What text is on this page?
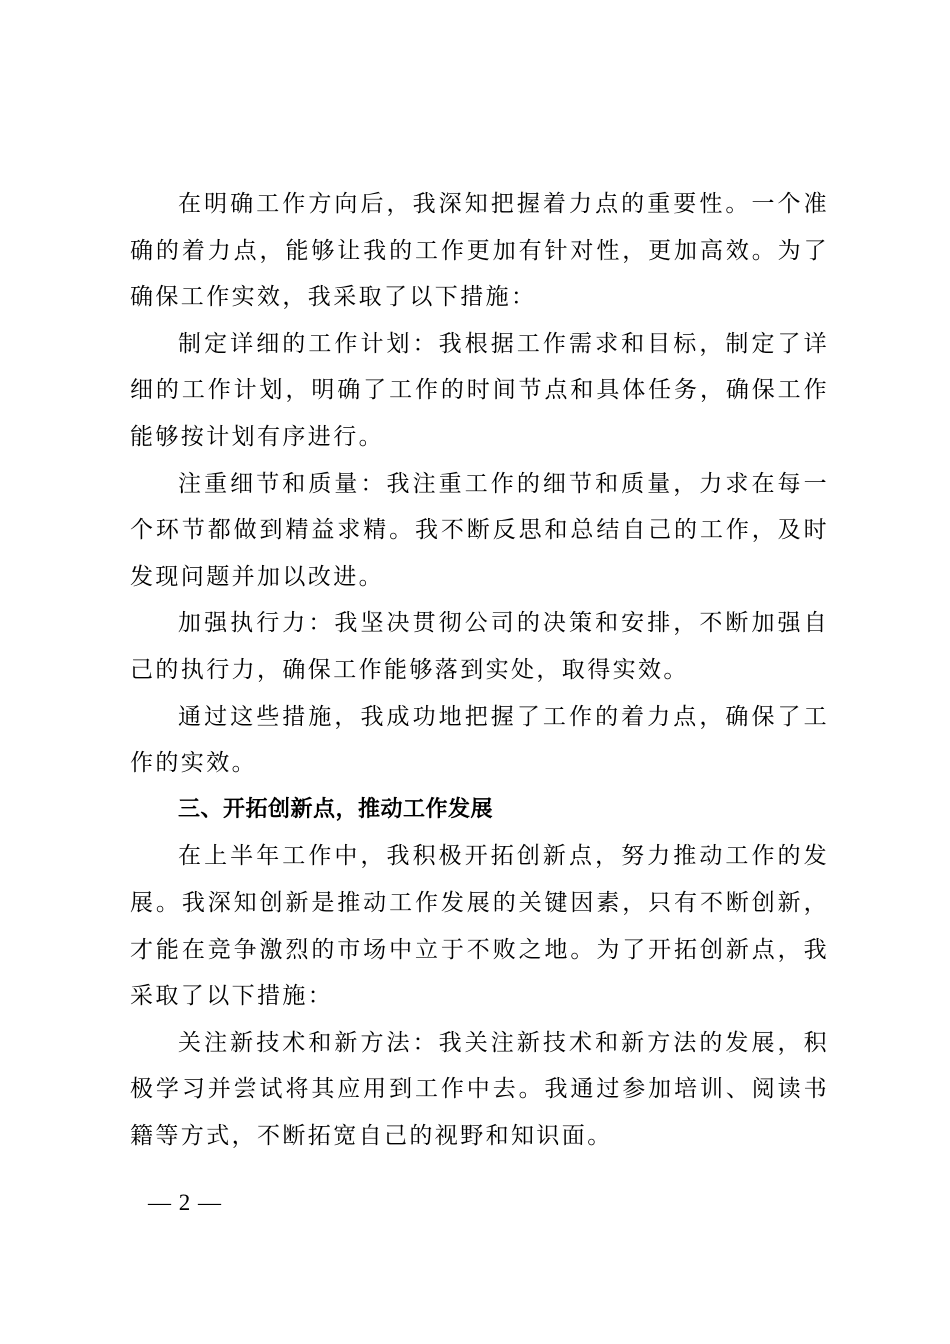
在明确工作方向后，我深知把握着力点的重要性。一个准确的着力点，能够让我的工作更加有针对性，更加高效。为了确保工作实效，我采取了以下措施：

制定详细的工作计划：我根据工作需求和目标，制定了详细的工作计划，明确了工作的时间节点和具体任务，确保工作能够按计划有序进行。

注重细节和质量：我注重工作的细节和质量，力求在每一个环节都做到精益求精。我不断反思和总结自己的工作，及时发现问题并加以改进。

加强执行力：我坚决贯彻公司的决策和安排，不断加强自己的执行力，确保工作能够落到实处，取得实效。

通过这些措施，我成功地把握了工作的着力点，确保了工作的实效。

三、开拓创新点，推动工作发展

在上半年工作中，我积极开拓创新点，努力推动工作的发展。我深知创新是推动工作发展的关键因素，只有不断创新，才能在竞争激烈的市场中立于不败之地。为了开拓创新点，我采取了以下措施：

关注新技术和新方法：我关注新技术和新方法的发展，积极学习并尝试将其应用到工作中去。我通过参加培训、阅读书籍等方式，不断拓宽自己的视野和知识面。

— 2 —
